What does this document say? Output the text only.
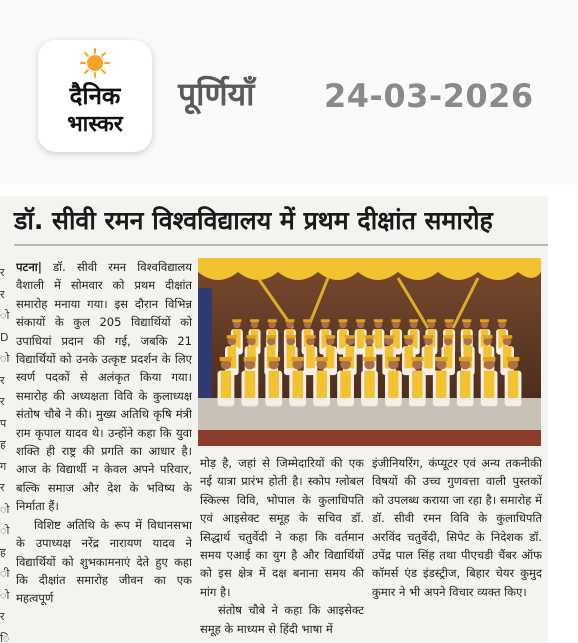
दैनिक
भास्कर
पूर्णियाँ 24-03-2026
डॉ. सीवी रमन विश्वविद्यालय में प्रथम दीक्षांत समारोह
र
र
ो
D
ो
र
र
प
ह
ग
र
ो
ो
ह
ी
ो
र
ि
पटना| डॉ. सीवी रमन विश्वविद्यालय वैशाली में सोमवार को प्रथम दीक्षांत समारोह मनाया गया। इस दौरान विभिन्न संकायों के कुल 205 विद्यार्थियों को उपाधियां प्रदान की गई, जबकि 21 विद्यार्थियों को उनके उत्कृष्ट प्रदर्शन के लिए स्वर्ण पदकों से अलंकृत किया गया। समारोह की अध्यक्षता विवि के कुलाध्यक्ष संतोष चौबे ने की। मुख्य अतिथि कृषि मंत्री राम कृपाल यादव थे। उन्होंने कहा कि युवा शक्ति ही राष्ट्र की प्रगति का आधार है। आज के विद्यार्थी न केवल अपने परिवार, बल्कि समाज और देश के भविष्य के निर्माता हैं।
विशिष्ट अतिथि के रूप में विधानसभा के उपाध्यक्ष नरेंद्र नारायण यादव ने विद्यार्थियों को शुभकामनाएं देते हुए कहा कि दीक्षांत समारोह जीवन का एक महत्वपूर्ण
मोड़ है, जहां से जिम्मेदारियों की एक नई यात्रा प्रारंभ होती है। स्कोप ग्लोबल स्किल्स विवि, भोपाल के कुलाधिपति एवं आइसेक्ट समूह के सचिव डॉ. सिद्धार्थ चतुर्वेदी ने कहा कि वर्तमान समय एआई का युग है और विद्यार्थियों को इस क्षेत्र में दक्ष बनाना समय की मांग है।
संतोष चौबे ने कहा कि आइसेक्ट समूह के माध्यम से हिंदी भाषा में
इंजीनियरिंग, कंप्यूटर एवं अन्य तकनीकी विषयों की उच्च गुणवत्ता वाली पुस्तकों को उपलब्ध कराया जा रहा है। समारोह में डॉ. सीवी रमन विवि के कुलाधिपति अरविंद चतुर्वेदी, सिपेट के निदेशक डॉ. उपेंद्र पाल सिंह तथा पीएचडी चैंबर ऑफ कॉमर्स एंड इंडस्ट्रीज, बिहार चेयर कुमुद कुमार ने भी अपने विचार व्यक्त किए।
